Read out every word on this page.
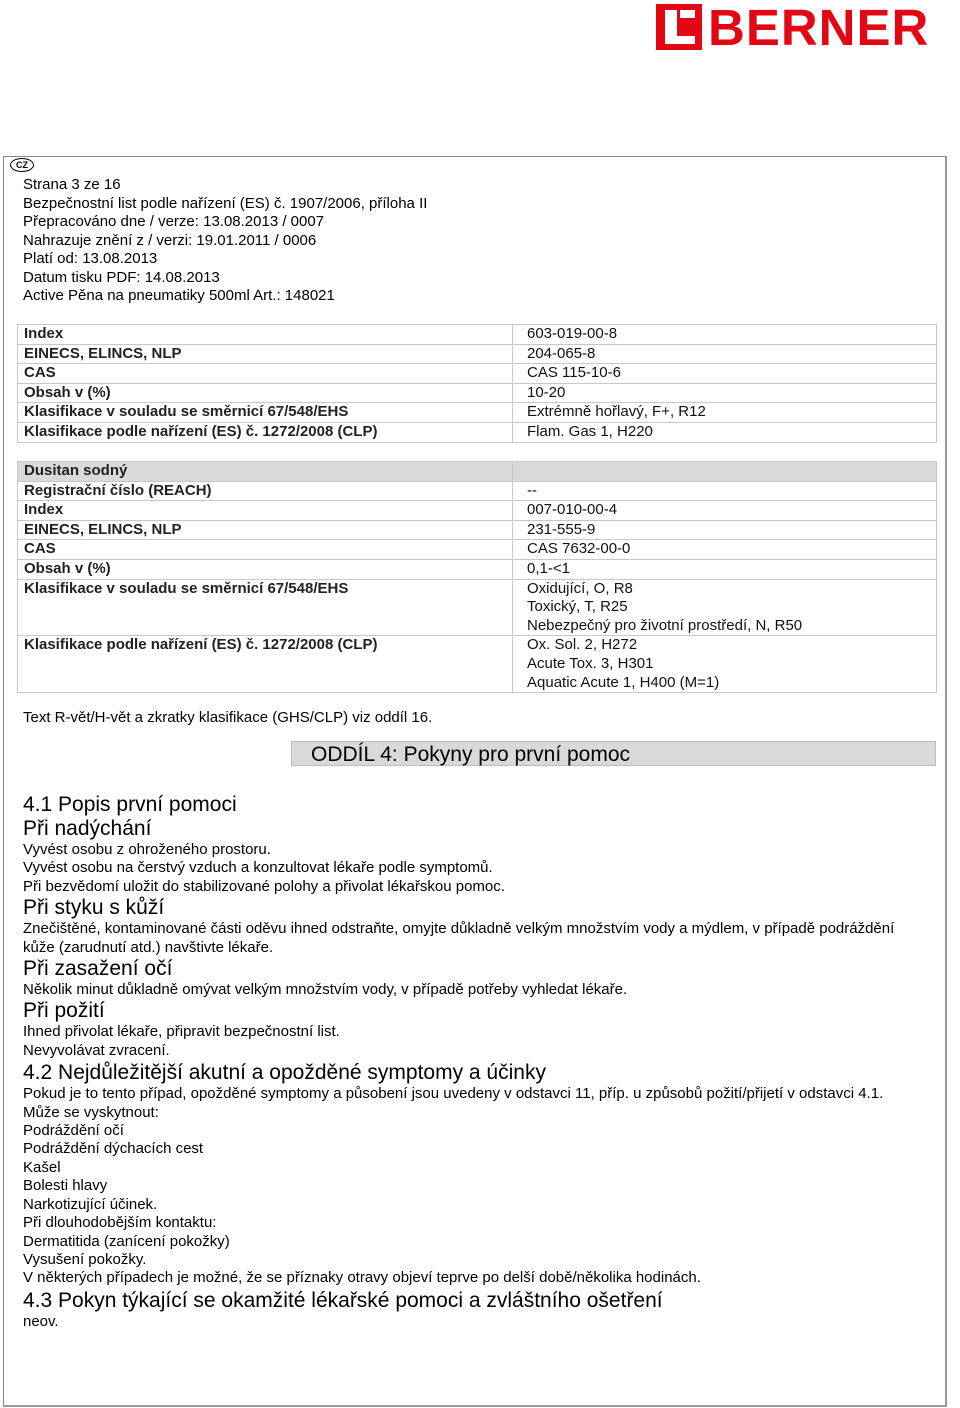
BERNER
CZ
Strana 3 ze 16
Bezpečnostní list podle nařízení (ES) č. 1907/2006, příloha II
Přepracováno dne / verze: 13.08.2013 / 0007
Nahrazuje znění z / verzi: 19.01.2011 / 0006
Platí od: 13.08.2013
Datum tisku PDF: 14.08.2013
Active Pěna na pneumatiky 500ml Art.: 148021
Index	603-019-00-8

EINECS, ELINCS, NLP	204-065-8

CAS	CAS 115-10-6

Obsah v (%)	10-20

Klasifikace v souladu se směrnicí 67/548/EHS	Extrémně hořlavý, F+, R12

Klasifikace podle nařízení (ES) č. 1272/2008 (CLP)	Flam. Gas 1, H220
Dusitan sodný	
Registrační číslo (REACH)	--

Index	007-010-00-4

EINECS, ELINCS, NLP	231-555-9

CAS	CAS 7632-00-0

Obsah v (%)	0,1-<1

Klasifikace v souladu se směrnicí 67/548/EHS	Oxidující, O, R8
Toxický, T, R25
Nebezpečný pro životní prostředí, N, R50

Klasifikace podle nařízení (ES) č. 1272/2008 (CLP)	Ox. Sol. 2, H272
Acute Tox. 3, H301
Aquatic Acute 1, H400 (M=1)
Text R-vět/H-vět a zkratky klasifikace (GHS/CLP) viz oddíl 16.
ODDÍL 4: Pokyny pro první pomoc
4.1 Popis první pomoci
Při nadýchání
Vyvést osobu z ohroženého prostoru.
Vyvést osobu na čerstvý vzduch a konzultovat lékaře podle symptomů.
Při bezvědomí uložit do stabilizované polohy a přivolat lékařskou pomoc.
Při styku s kůží
Znečištěné, kontaminované části oděvu ihned odstraňte, omyjte důkladně velkým množstvím vody a mýdlem, v případě podráždění kůže (zarudnutí atd.) navštivte lékaře.
Při zasažení očí
Několik minut důkladně omývat velkým množstvím vody, v případě potřeby vyhledat lékaře.
Při požití
Ihned přivolat lékaře, připravit bezpečnostní list.
Nevyvolávat zvracení.
4.2 Nejdůležitější akutní a opožděné symptomy a účinky
Pokud je to tento případ, opožděné symptomy a působení jsou uvedeny v odstavci 11, příp. u způsobů požití/přijetí v odstavci 4.1.
Může se vyskytnout:
Podráždění očí
Podráždění dýchacích cest
Kašel
Bolesti hlavy
Narkotizující účinek.
Při dlouhodobějším kontaktu:
Dermatitida (zanícení pokožky)
Vysušení pokožky.
V některých případech je možné, že se příznaky otravy objeví teprve po delší době/několika hodinách.
4.3 Pokyn týkající se okamžité lékařské pomoci a zvláštního ošetření
neov.
